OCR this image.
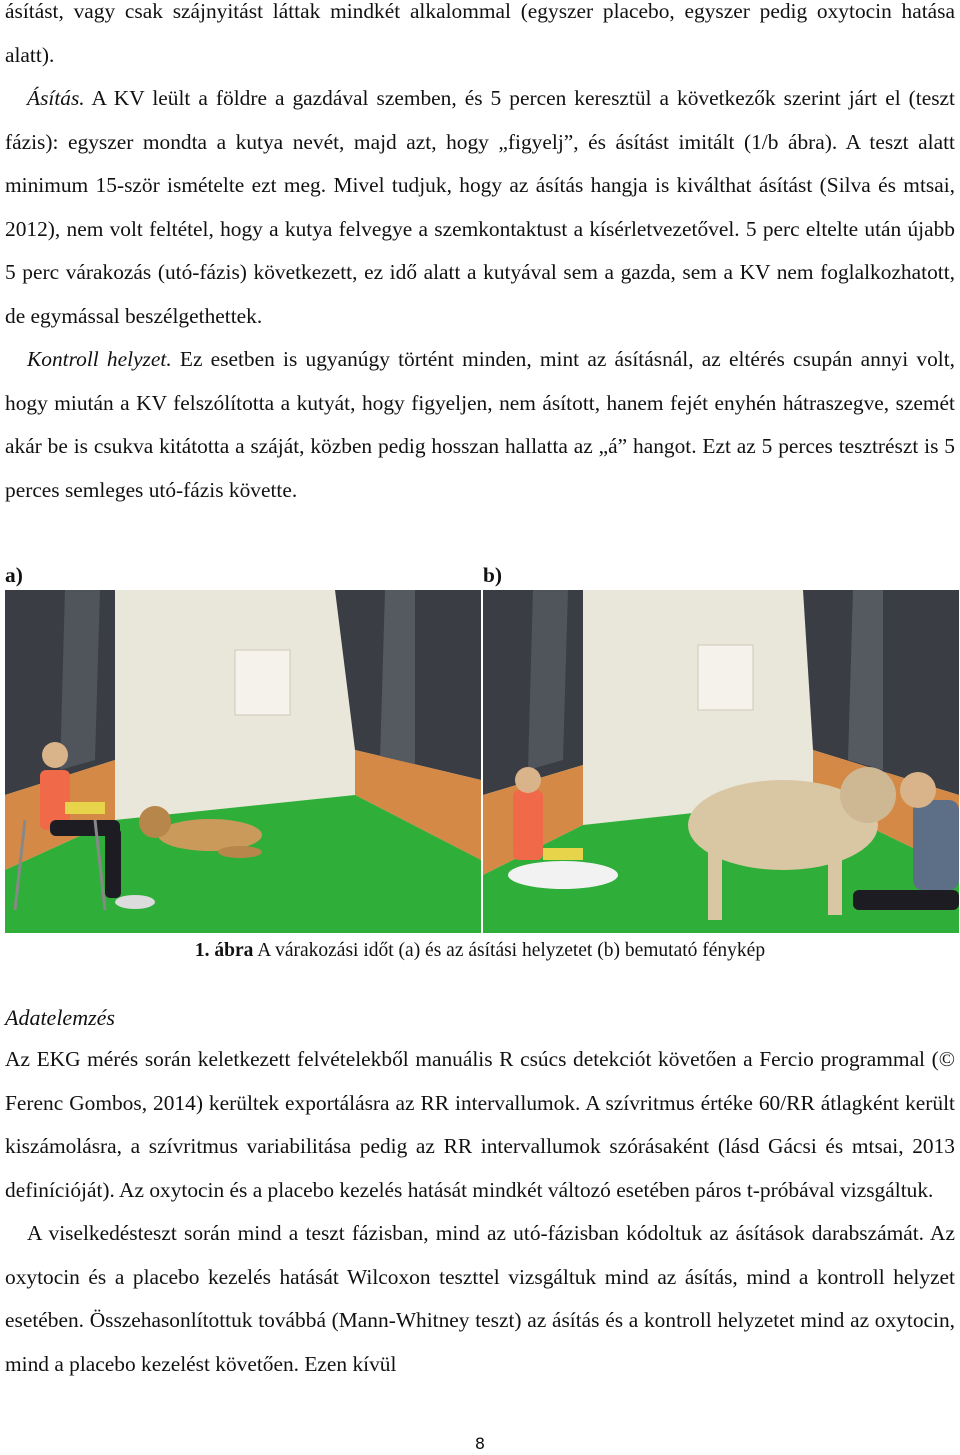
ásítást, vagy csak szájnyitást láttak mindkét alkalommal (egyszer placebo, egyszer pedig oxytocin hatása alatt).

Ásítás. A KV leült a földre a gazdával szemben, és 5 percen keresztül a következők szerint járt el (teszt fázis): egyszer mondta a kutya nevét, majd azt, hogy „figyelj”, és ásítást imitált (1/b ábra). A teszt alatt minimum 15-ször ismételte ezt meg. Mivel tudjuk, hogy az ásítás hangja is kiválthat ásítást (Silva és mtsai, 2012), nem volt feltétel, hogy a kutya felvegye a szemkontaktust a kísérletvezetővel. 5 perc eltelte után újabb 5 perc várakozás (utó-fázis) következett, ez idő alatt a kutyával sem a gazda, sem a KV nem foglalkozhatott, de egymással beszélgethettek.

Kontroll helyzet. Ez esetben is ugyanúgy történt minden, mint az ásításnál, az eltérés csupán annyi volt, hogy miután a KV felszólította a kutyát, hogy figyeljen, nem ásított, hanem fejét enyhén hátraszegve, szemét akár be is csukva kitátotta a száját, közben pedig hosszan hallatta az „á” hangot. Ezt az 5 perces tesztrészt is 5 perces semleges utó-fázis követte.

a)	b)
1. ábra A várakozási időt (a) és az ásítási helyzetet (b) bemutató fénykép
Adatelemzés

Az EKG mérés során keletkezett felvételekből manuális R csúcs detekciót követően a Fercio programmal (© Ferenc Gombos, 2014) kerültek exportálásra az RR intervallumok. A szívritmus értéke 60/RR átlagként került kiszámolásra, a szívritmus variabilitása pedig az RR intervallumok szórásaként (lásd Gácsi és mtsai, 2013 definícióját). Az oxytocin és a placebo kezelés hatását mindkét változó esetében páros t-próbával vizsgáltuk.

A viselkedésteszt során mind a teszt fázisban, mind az utó-fázisban kódoltuk az ásítások darabszámát. Az oxytocin és a placebo kezelés hatását Wilcoxon teszttel vizsgáltuk mind az ásítás, mind a kontroll helyzet esetében. Összehasonlítottuk továbbá (Mann-Whitney teszt) az ásítás és a kontroll helyzetet mind az oxytocin, mind a placebo kezelést követően. Ezen kívül

8
